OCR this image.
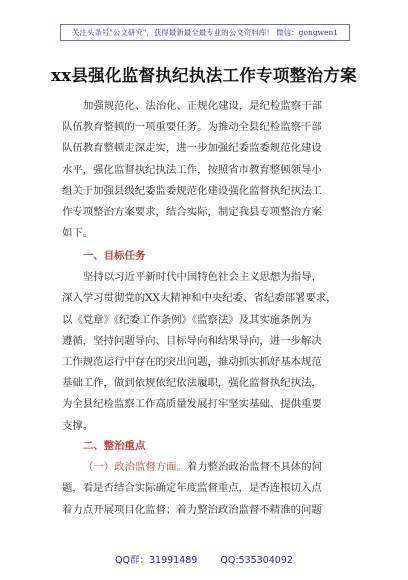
关注头条号"公文研究"，获得最新最全最专业的公文资料库！ 微信：gongwen1
xx县强化监督执纪执法工作专项整治方案
加强规范化、法治化、正规化建设，是纪检监察干部
队伍教育整顿的一项重要任务。为推动全县纪检监察干部
队伍教育整顿走深走实，进一步加强纪委监委规范化建设
水平，强化监督执纪执法工作，按照省市教育整顿领导小
组关于加强县级纪委监委规范化建设强化监督执纪执法工
作专项整治方案要求，结合实际，制定我县专项整治方案
如下。
一、目标任务
坚持以习近平新时代中国特色社会主义思想为指导，
深入学习贯彻党的XX大精神和中央纪委、省纪委部署要求，
以《党章》《纪委工作条例》《监察法》及其实施条例为
遵循，坚持问题导向、目标导向和结果导向，进一步解决
工作规范运行中存在的突出问题，推动抓实抓好基本规范
基础工作，做到依规依纪依法履职，强化监督执纪执法，
为全县纪检监察工作高质量发展打牢坚实基础、提供重要
支撑。
二、整治重点
（一）政治监督方面。着力整治政治监督不具体的问
题，看是否结合实际确定年度监督重点，是否连根切入点
着力点开展项目化监督；着力整治政治监督不精准的问题
QQ群：31991489 QQ:535304092
